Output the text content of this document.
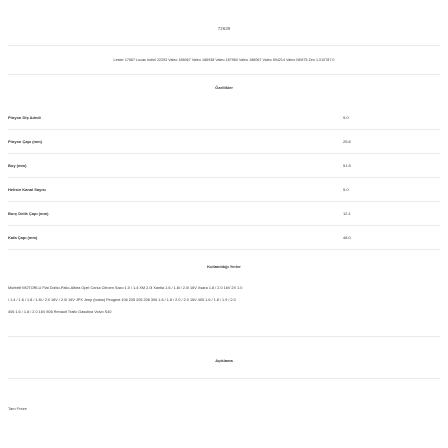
72639
Lester 17667 Lucas Indiel 22293 Valeo 186067 Valeo 186938 Valeo 187960 Valeo 188067 Valeo 594214 Valeo NE875 Zen 1.010787.0
Özellikler
Pinyon Diş Adedi	9.0
Pinyon Çapı (mm)	25.6
Boy (mm)	51.5
Helisin Kanal Sayısı	5.0
Burç Delik Çapı (mm)	12.1
Kafa Çapı (mm)	48.0
Kullanıldığı Yerler
Muhtelif MOTORLU Fiat Doblo-Palio-Albea Opel Corsa Citroen Saxo 1.0 / 1.4 XM 2.0i Xantia 1.6 / 1.8i / 2.0i 16V Xsara 1.8 / 2.0 16V 2X 1.0
/ 1.4 / 1.6 / 1.8 / 1.8i / 2.0 16V / 2.0i 16V JPX Jeep (todos) Peugeot 106 205 205 206 306 1.6 / 1.8 / 2.0 / 2.0 16V 405 1.6 / 1.8 / 1.9 / 2.0
406 1.6 / 1.8 / 2.0 16V 806 Renault Trafic Gasolina Volvo S40
Açıklama
Tam Freze
